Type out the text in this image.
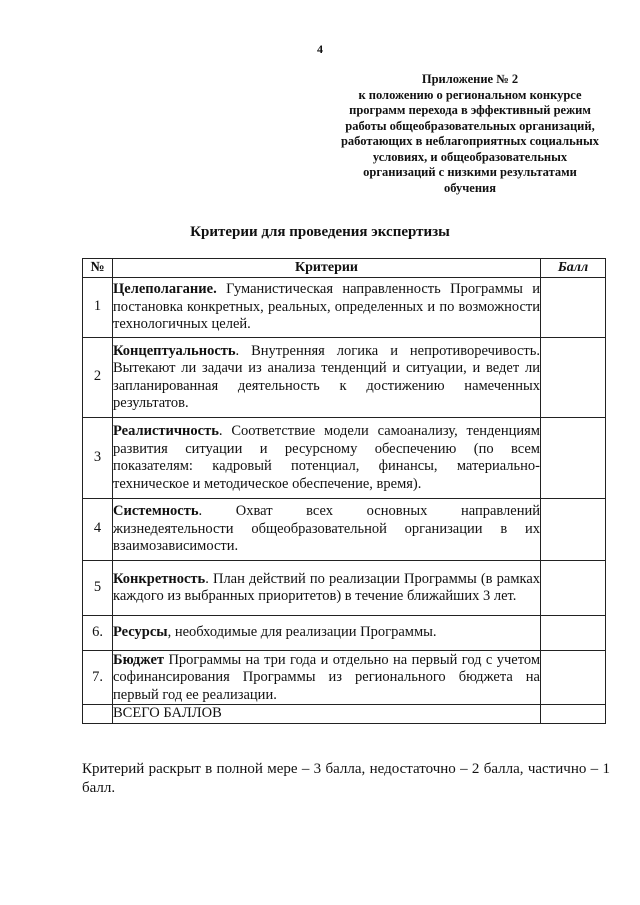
4
Приложение № 2
к положению о региональном конкурсе
программ перехода в эффективный режим
работы общеобразовательных организаций,
работающих в неблагоприятных социальных
условиях, и общеобразовательных
организаций с низкими результатами
обучения
Критерии для проведения экспертизы
№	Критерии	Балл
1	Целеполагание. Гуманистическая направленность Программы и постановка конкретных, реальных, определенных и по возможности технологичных целей.	

2	Концептуальность. Внутренняя логика и непротиворечивость. Вытекают ли задачи из анализа тенденций и ситуации, и ведет ли запланированная деятельность к достижению намеченных результатов.	

3	Реалистичность. Соответствие модели самоанализу, тенденциям развития ситуации и ресурсному обеспечению (по всем показателям: кадровый потенциал, финансы, материально-техническое и методическое обеспечение, время).	

4	Системность. Охват всех основных направлений жизнедеятельности общеобразовательной организации в их взаимозависимости.	

5	Конкретность. План действий по реализации Программы (в рамках каждого из выбранных приоритетов) в течение ближайших 3 лет.	

6.	Ресурсы, необходимые для реализации Программы.	

7.	Бюджет Программы на три года и отдельно на первый год с учетом софинансирования Программы из регионального бюджета на первый год ее реализации.	

	ВСЕГО БАЛЛОВ	
Критерий раскрыт в полной мере – 3 балла, недостаточно – 2 балла, частично – 1 балл.
